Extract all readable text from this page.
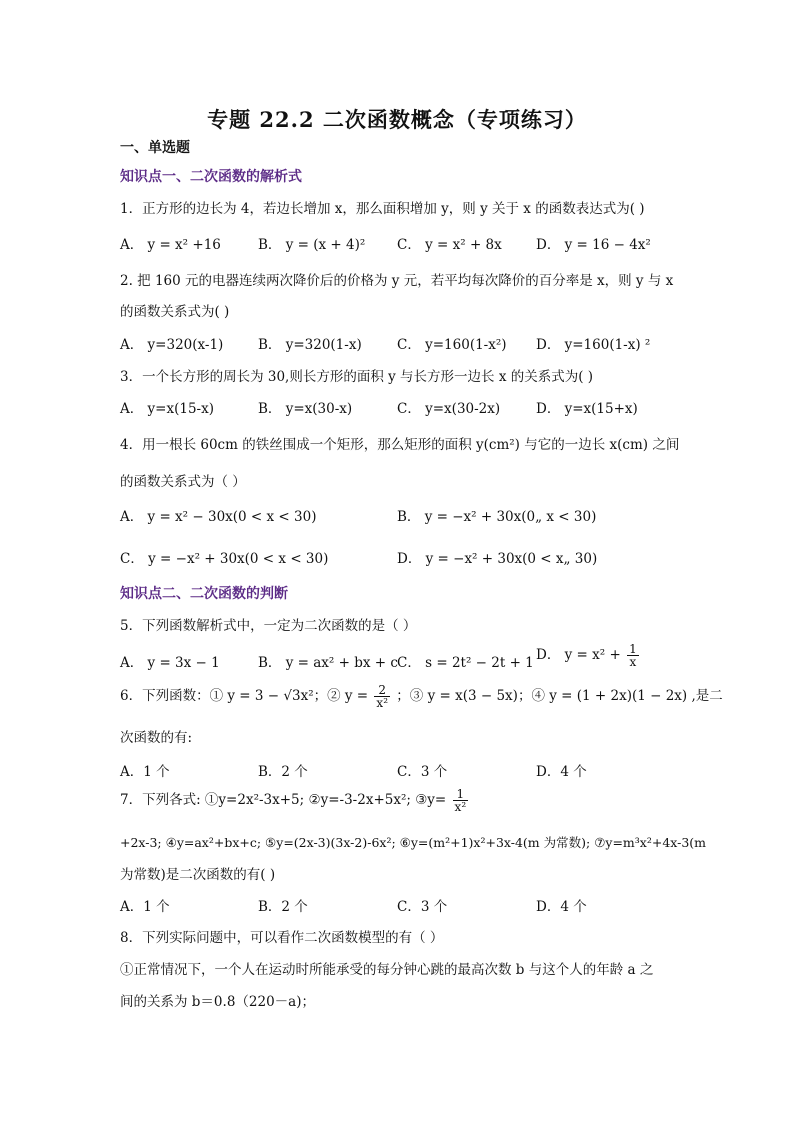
专题 22.2 二次函数概念（专项练习）
一、单选题
知识点一、二次函数的解析式
1．正方形的边长为 4，若边长增加 x，那么面积增加 y，则 y 关于 x 的函数表达式为( )
A． y = x² +16	B． y = (x + 4)² C． y = x² + 8x	D． y = 16 − 4x²
2. 把 160 元的电器连续两次降价后的价格为 y 元，若平均每次降价的百分率是 x，则 y 与 x
的函数关系式为( )
A． y=320(x-1)	B． y=320(1-x)	C． y=160(1-x²) D． y=160(1-x) ²
3．一个长方形的周长为 30,则长方形的面积 y 与长方形一边长 x 的关系式为( )
A． y=x(15-x)	B． y=x(30-x)	C． y=x(30-2x)	D． y=x(15+x)
4．用一根长 60cm 的铁丝围成一个矩形，那么矩形的面积 y(cm²) 与它的一边长 x(cm) 之间
的函数关系式为（ ）
A． y = x² − 30x(0 < x < 30)	B． y = −x² + 30x(0„ x < 30)
C． y = −x² + 30x(0 < x < 30)	D． y = −x² + 30x(0 < x„ 30)
知识点二、二次函数的判断
5．下列函数解析式中，一定为二次函数的是（ ）
A． y = 3x − 1	B． y = ax² + bx + c C． s = 2t² − 2t + 1 D． $y = x^2 + \frac{1}{x}$
6．下列函数：① y = 3 − √3x²；② $y = \frac{2}{\text{x²}}$ ；③ y = x(3 − 5x)；④ y = (1 + 2x)(1 − 2x) ,是二
次函数的有:
A．1 个	B．2 个	C．3 个	D．4 个
7．下列各式: ①y=2x²-3x+5; ②y=-3-2x+5x²; ③y= $\frac{1}{\text{x²}}$
+2x-3; ④y=ax²+bx+c; ⑤y=(2x-3)(3x-2)-6x²; ⑥y=(m²+1)x²+3x-4(m 为常数); ⑦y=m³x²+4x-3(m
为常数)是二次函数的有( )
A．1 个	B．2 个	C．3 个	D．4 个
8．下列实际问题中，可以看作二次函数模型的有（ ）
①正常情况下，一个人在运动时所能承受的每分钟心跳的最高次数 b 与这个人的年龄 a 之
间的关系为 b＝0.8（220－a)；
